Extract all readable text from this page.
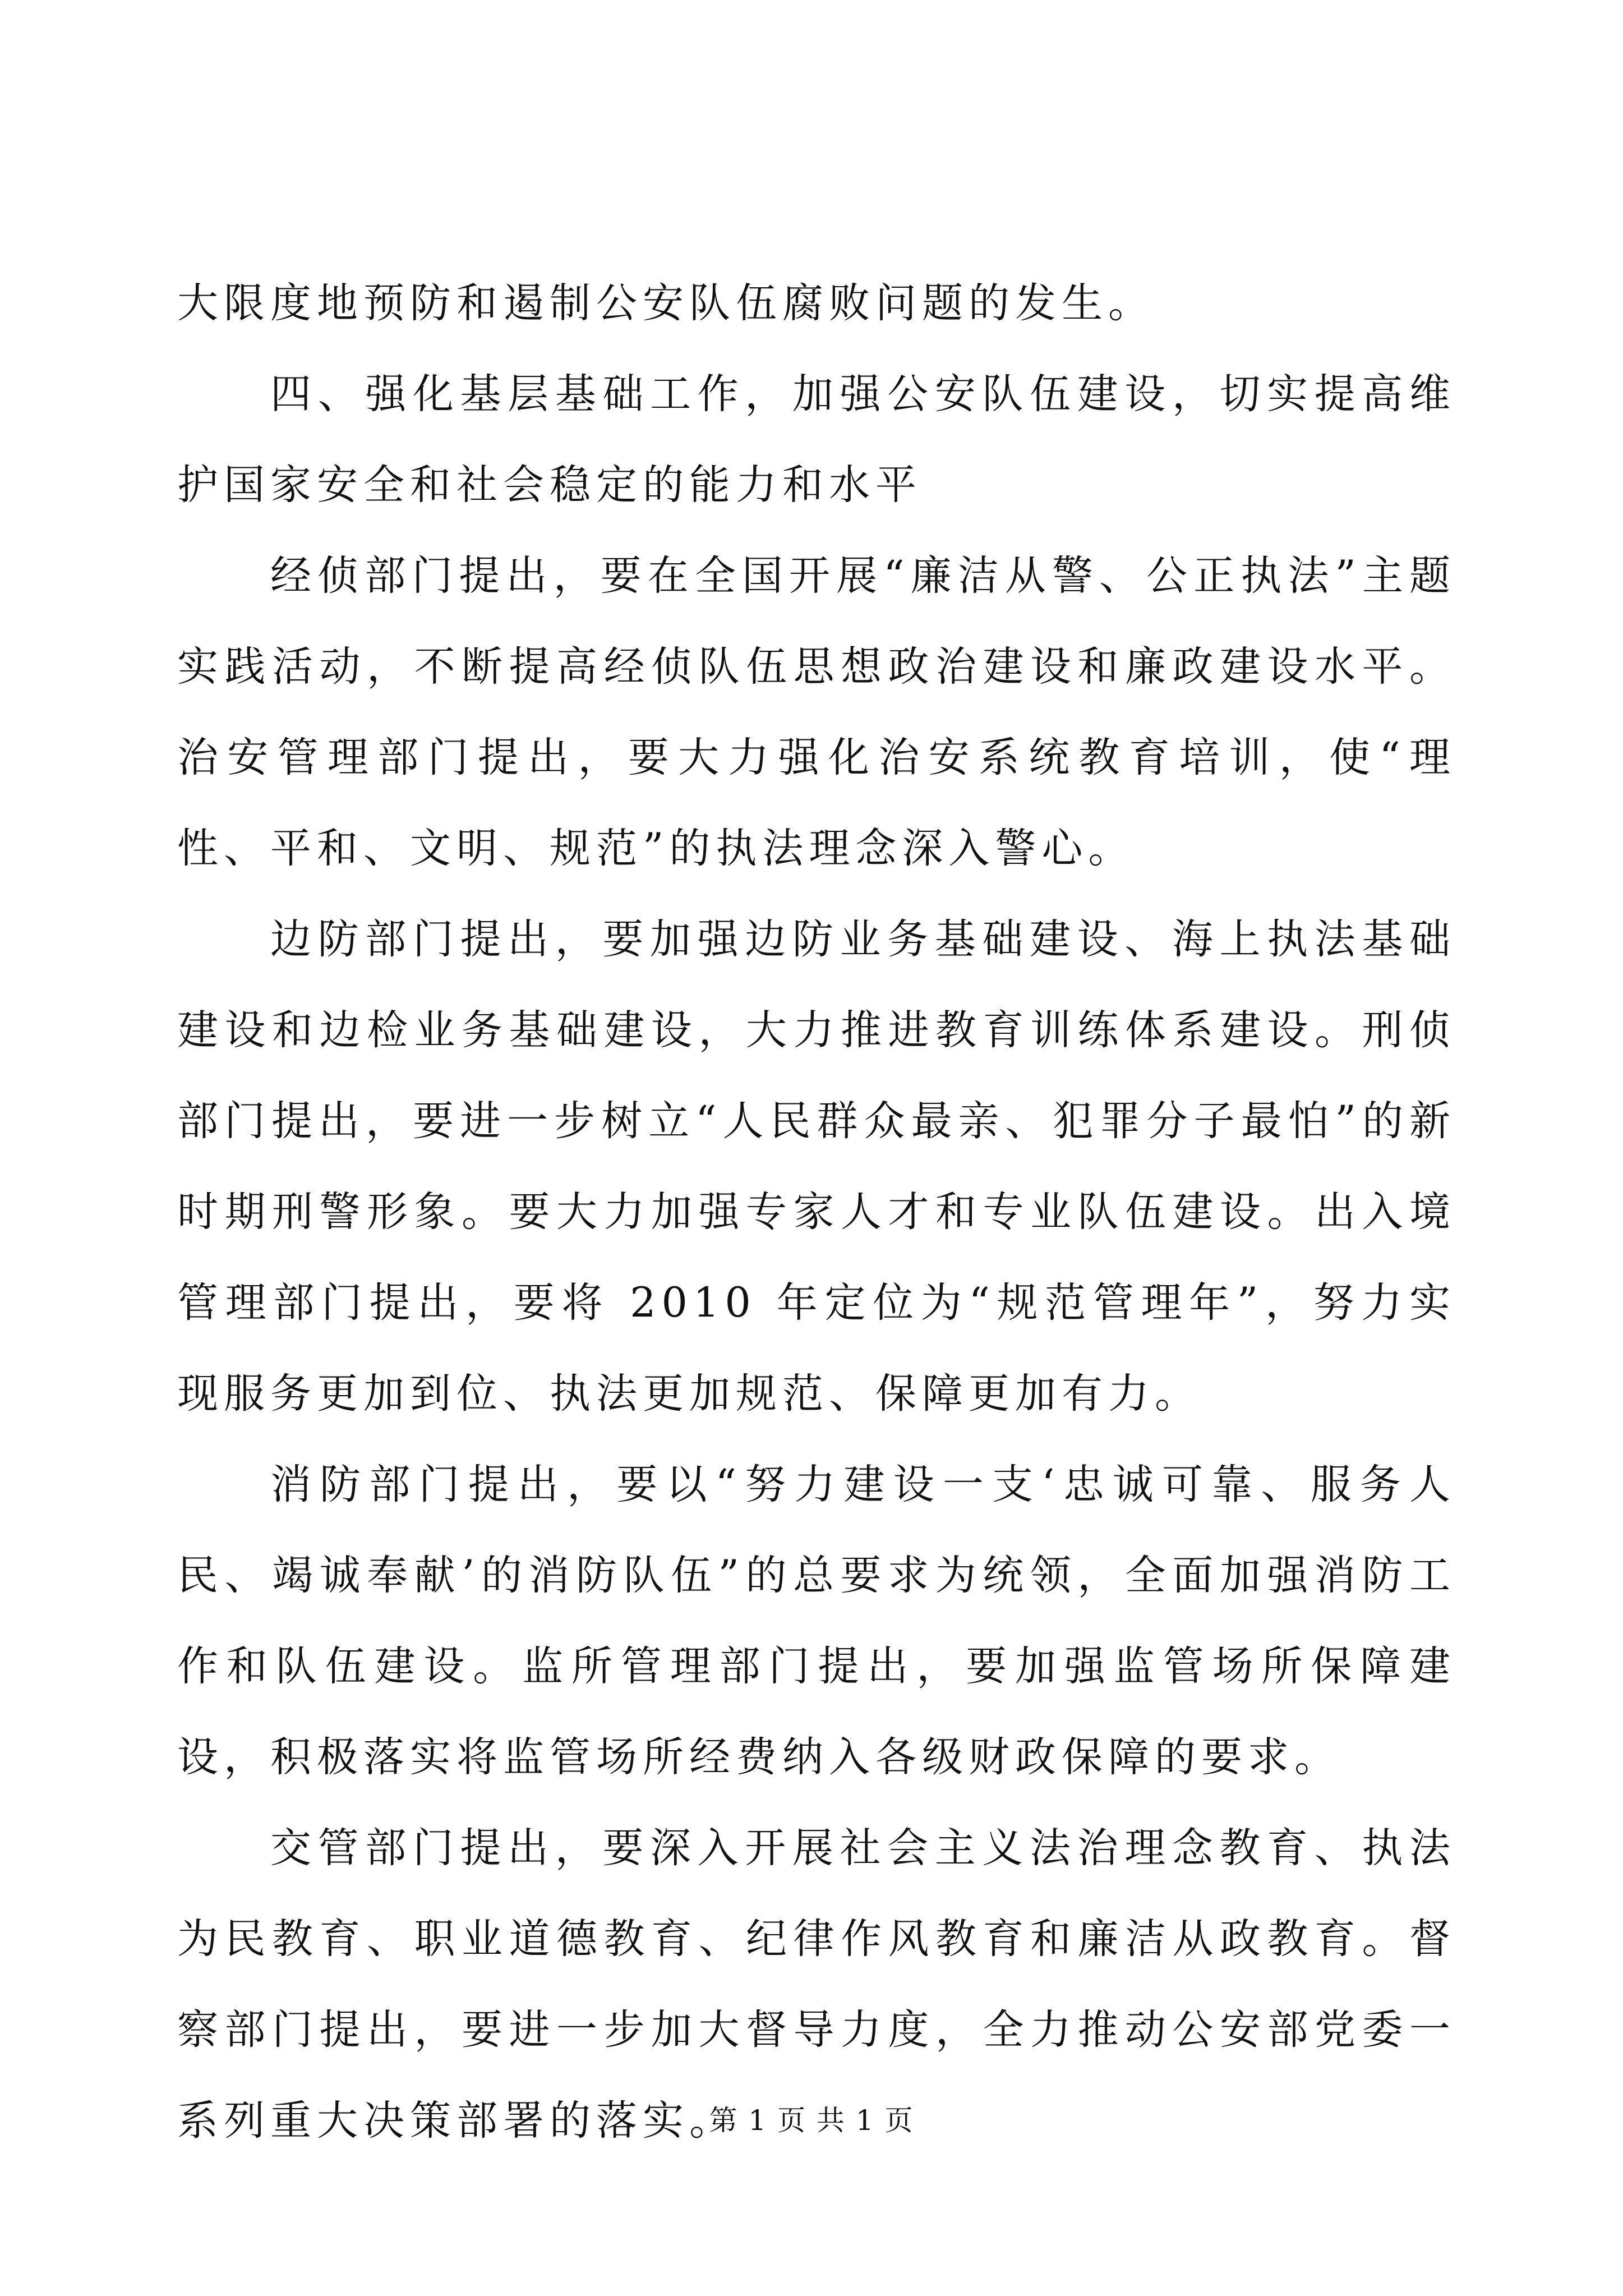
大限度地预防和遏制公安队伍腐败问题的发生。

四、强化基层基础工作，加强公安队伍建设，切实提高维护国家安全和社会稳定的能力和水平

经侦部门提出，要在全国开展“廉洁从警、公正执法”主题实践活动，不断提高经侦队伍思想政治建设和廉政建设水平。治安管理部门提出，要大力强化治安系统教育培训，使“理性、平和、文明、规范”的执法理念深入警心。

边防部门提出，要加强边防业务基础建设、海上执法基础建设和边检业务基础建设，大力推进教育训练体系建设。刑侦部门提出，要进一步树立“人民群众最亲、犯罪分子最怕”的新时期刑警形象。要大力加强专家人才和专业队伍建设。出入境管理部门提出，要将 2010 年定位为“规范管理年”，努力实现服务更加到位、执法更加规范、保障更加有力。

消防部门提出，要以“努力建设一支‘忠诚可靠、服务人民、竭诚奉献’的消防队伍”的总要求为统领，全面加强消防工作和队伍建设。监所管理部门提出，要加强监管场所保障建设，积极落实将监管场所经费纳入各级财政保障的要求。

交管部门提出，要深入开展社会主义法治理念教育、执法为民教育、职业道德教育、纪律作风教育和廉洁从政教育。督察部门提出，要进一步加大督导力度，全力推动公安部党委一系列重大决策部署的落实。

第 1 页 共 1 页
